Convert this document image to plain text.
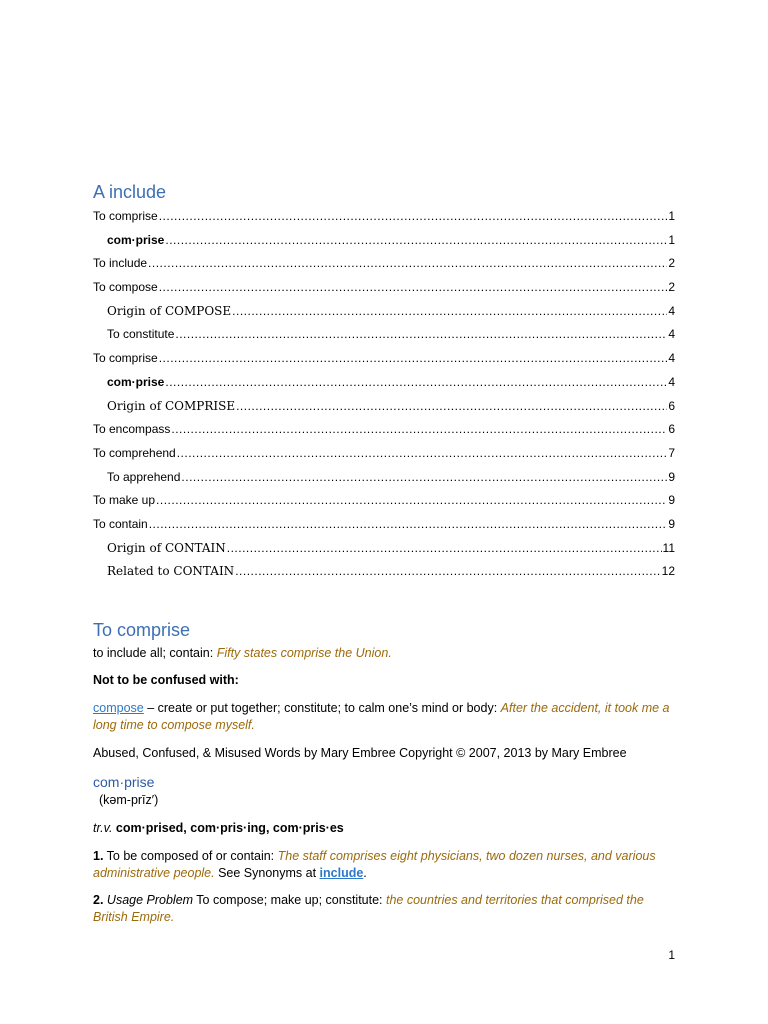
A include
To comprise .....	1
com·prise .....	1
To include .....	2
To compose .....	2
Origin of COMPOSE .....	4
To constitute .....	4
To comprise .....	4
com·prise .....	4
Origin of COMPRISE .....	6
To encompass .....	6
To comprehend .....	7
To apprehend .....	9
To make up .....	9
To contain .....	9
Origin of CONTAIN .....	11
Related to CONTAIN .....	12
To comprise
to include all; contain: Fifty states comprise the Union.
Not to be confused with:
compose – create or put together; constitute; to calm one’s mind or body: After the accident, it took me a long time to compose myself.
Abused, Confused, & Misused Words by Mary Embree Copyright © 2007, 2013 by Mary Embree
com·prise
(kəm-prīz′)
tr.v. com·prised, com·pris·ing, com·pris·es
1. To be composed of or contain: The staff comprises eight physicians, two dozen nurses, and various administrative people. See Synonyms at include.
2. Usage Problem To compose; make up; constitute: the countries and territories that comprised the British Empire.
1
